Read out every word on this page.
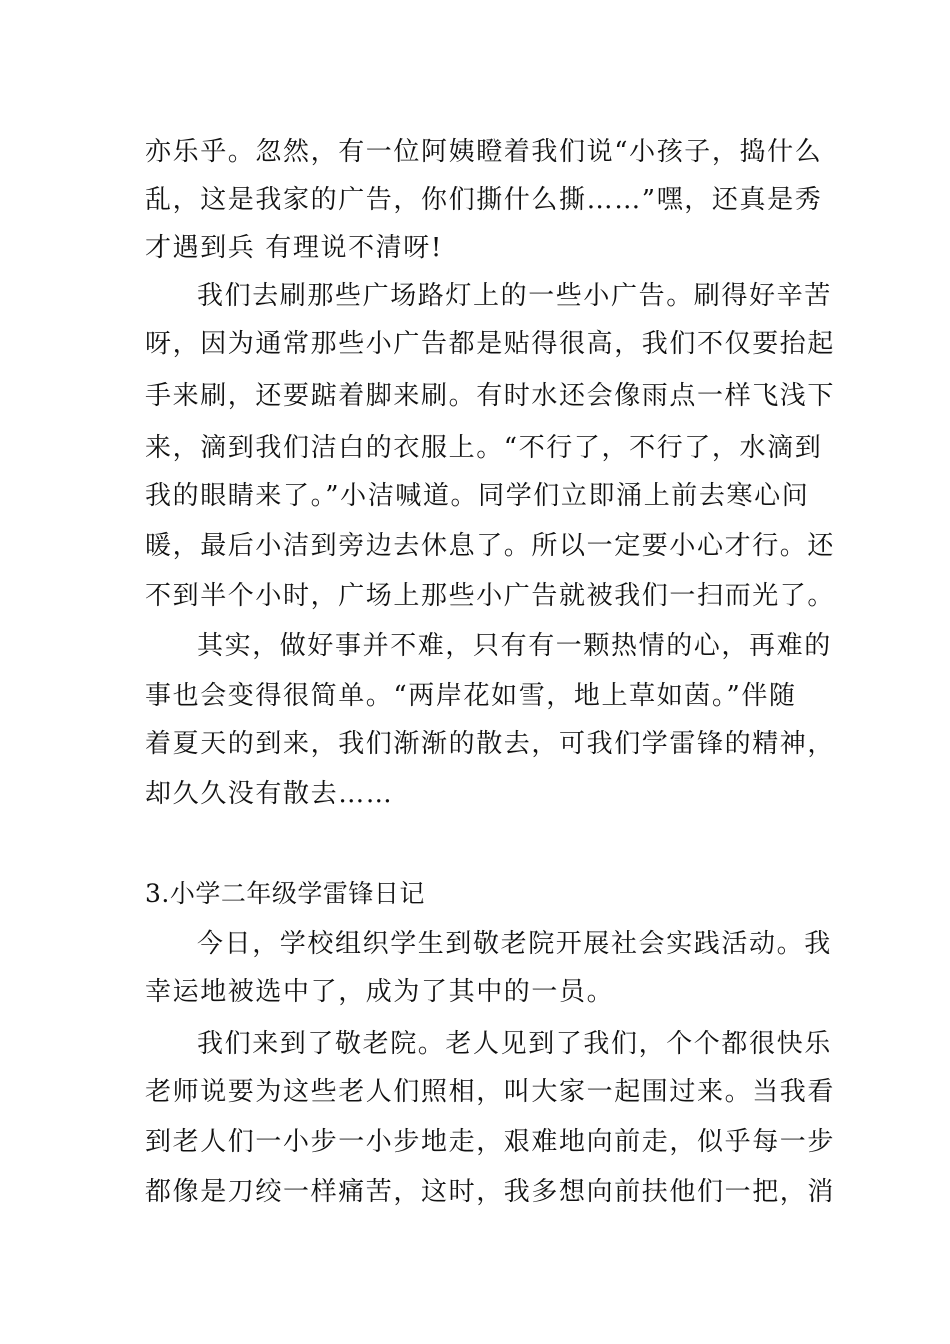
亦乐乎。忽然，有一位阿姨瞪着我们说“小孩子，捣什么
乱，这是我家的广告，你们撕什么撕……”嘿，还真是秀
才遇到兵 有理说不清呀!
我们去刷那些广场路灯上的一些小广告。刷得好辛苦
呀，因为通常那些小广告都是贴得很高，我们不仅要抬起
手来刷，还要踮着脚来刷。有时水还会像雨点一样飞浅下
来，滴到我们洁白的衣服上。“不行了，不行了，水滴到
我的眼睛来了。”小洁喊道。同学们立即涌上前去寒心问
暖，最后小洁到旁边去休息了。所以一定要小心才行。还
不到半个小时，广场上那些小广告就被我们一扫而光了。
其实，做好事并不难，只有有一颗热情的心，再难的
事也会变得很简单。“两岸花如雪，地上草如茵。”伴随
着夏天的到来，我们渐渐的散去，可我们学雷锋的精神，
却久久没有散去……
3.小学二年级学雷锋日记
今日，学校组织学生到敬老院开展社会实践活动。我
幸运地被选中了，成为了其中的一员。
我们来到了敬老院。老人见到了我们，个个都很快乐
老师说要为这些老人们照相，叫大家一起围过来。当我看
到老人们一小步一小步地走，艰难地向前走，似乎每一步
都像是刀绞一样痛苦，这时，我多想向前扶他们一把，消
